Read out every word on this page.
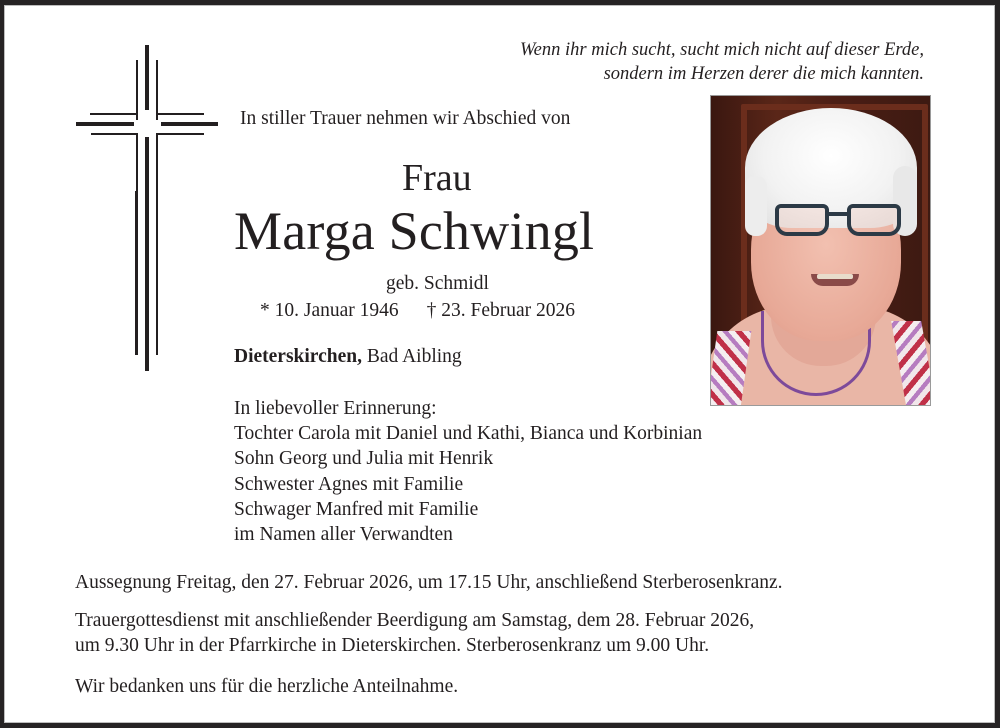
Wenn ihr mich sucht, sucht mich nicht auf dieser Erde,
sondern im Herzen derer die mich kannten.
In stiller Trauer nehmen wir Abschied von
Frau
Marga Schwingl
geb. Schmidl
* 10. Januar 1946 † 23. Februar 2026
Dieterskirchen, Bad Aibling
In liebevoller Erinnerung:
Tochter Carola mit Daniel und Kathi, Bianca und Korbinian
Sohn Georg und Julia mit Henrik
Schwester Agnes mit Familie
Schwager Manfred mit Familie
im Namen aller Verwandten
Aussegnung Freitag, den 27. Februar 2026, um 17.15 Uhr, anschließend Sterberosenkranz.
Trauergottesdienst mit anschließender Beerdigung am Samstag, dem 28. Februar 2026,
um 9.30 Uhr in der Pfarrkirche in Dieterskirchen. Sterberosenkranz um 9.00 Uhr.
Wir bedanken uns für die herzliche Anteilnahme.
